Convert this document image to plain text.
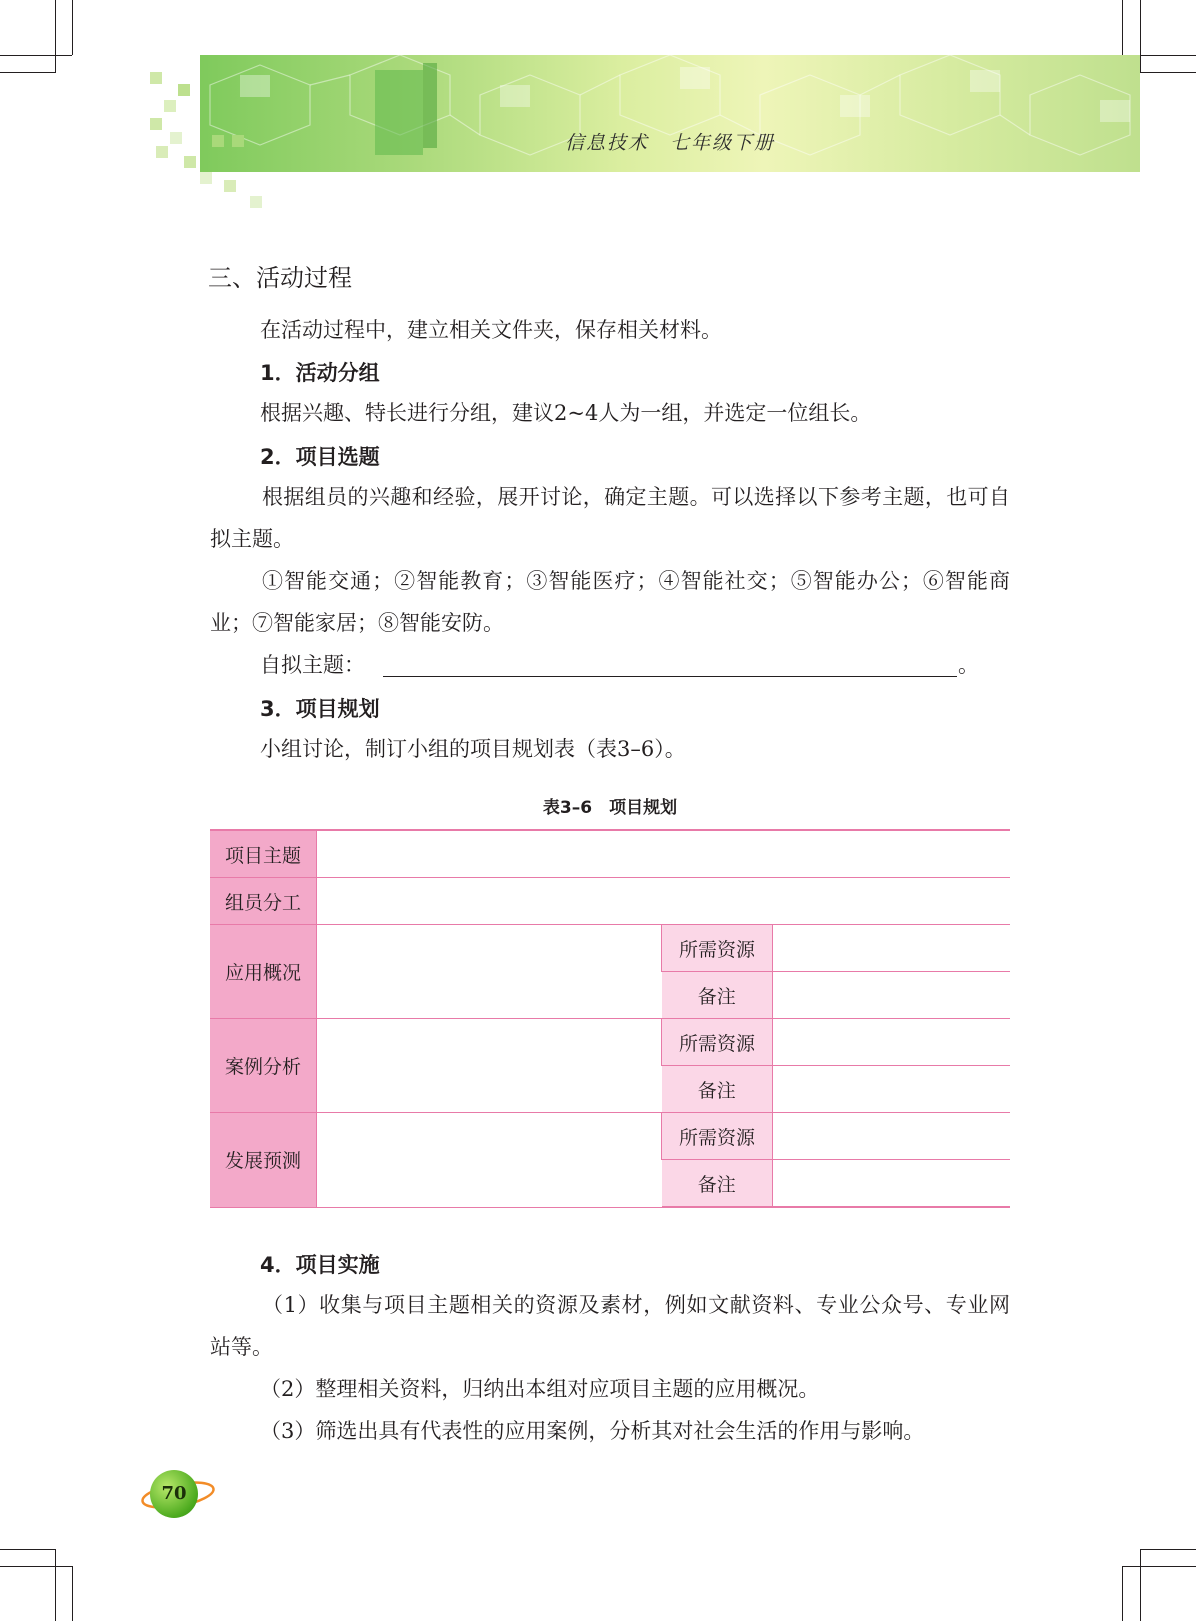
信息技术　七年级下册
三、活动过程
在活动过程中，建立相关文件夹，保存相关材料。
1．活动分组
根据兴趣、特长进行分组，建议2~4人为一组，并选定一位组长。
2．项目选题
根据组员的兴趣和经验，展开讨论，确定主题。可以选择以下参考主题，也可自拟主题。
①智能交通；②智能教育；③智能医疗；④智能社交；⑤智能办公；⑥智能商业；⑦智能家居；⑧智能安防。
自拟主题：	。
3．项目规划
小组讨论，制订小组的项目规划表（表3–6）。
表3–6　项目规划
项目主题			
组员分工			
应用概况		所需资源	
		备注	
案例分析		所需资源	
		备注	
发展预测		所需资源	
		备注	
4．项目实施
（1）收集与项目主题相关的资源及素材，例如文献资料、专业公众号、专业网站等。
（2）整理相关资料，归纳出本组对应项目主题的应用概况。
（3）筛选出具有代表性的应用案例，分析其对社会生活的作用与影响。
70
